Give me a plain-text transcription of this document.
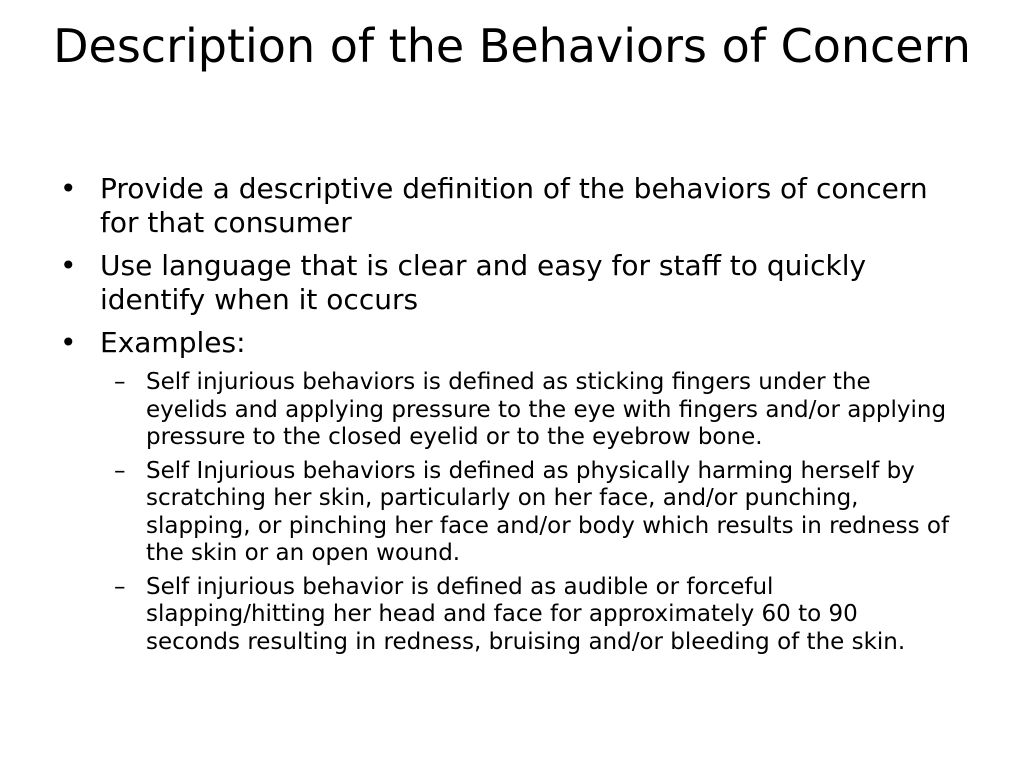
Description of the Behaviors of Concern
• Provide a descriptive definition of the behaviors of concern for that consumer
• Use language that is clear and easy for staff to quickly identify when it occurs
• Examples:
– Self injurious behaviors is defined as sticking fingers under the eyelids and applying pressure to the eye with fingers and/or applying pressure to the closed eyelid or to the eyebrow bone.
– Self Injurious behaviors is defined as physically harming herself by scratching her skin, particularly on her face, and/or punching, slapping, or pinching her face and/or body which results in redness of the skin or an open wound.
– Self injurious behavior is defined as audible or forceful slapping/hitting her head and face for approximately 60 to 90 seconds resulting in redness, bruising and/or bleeding of the skin.
